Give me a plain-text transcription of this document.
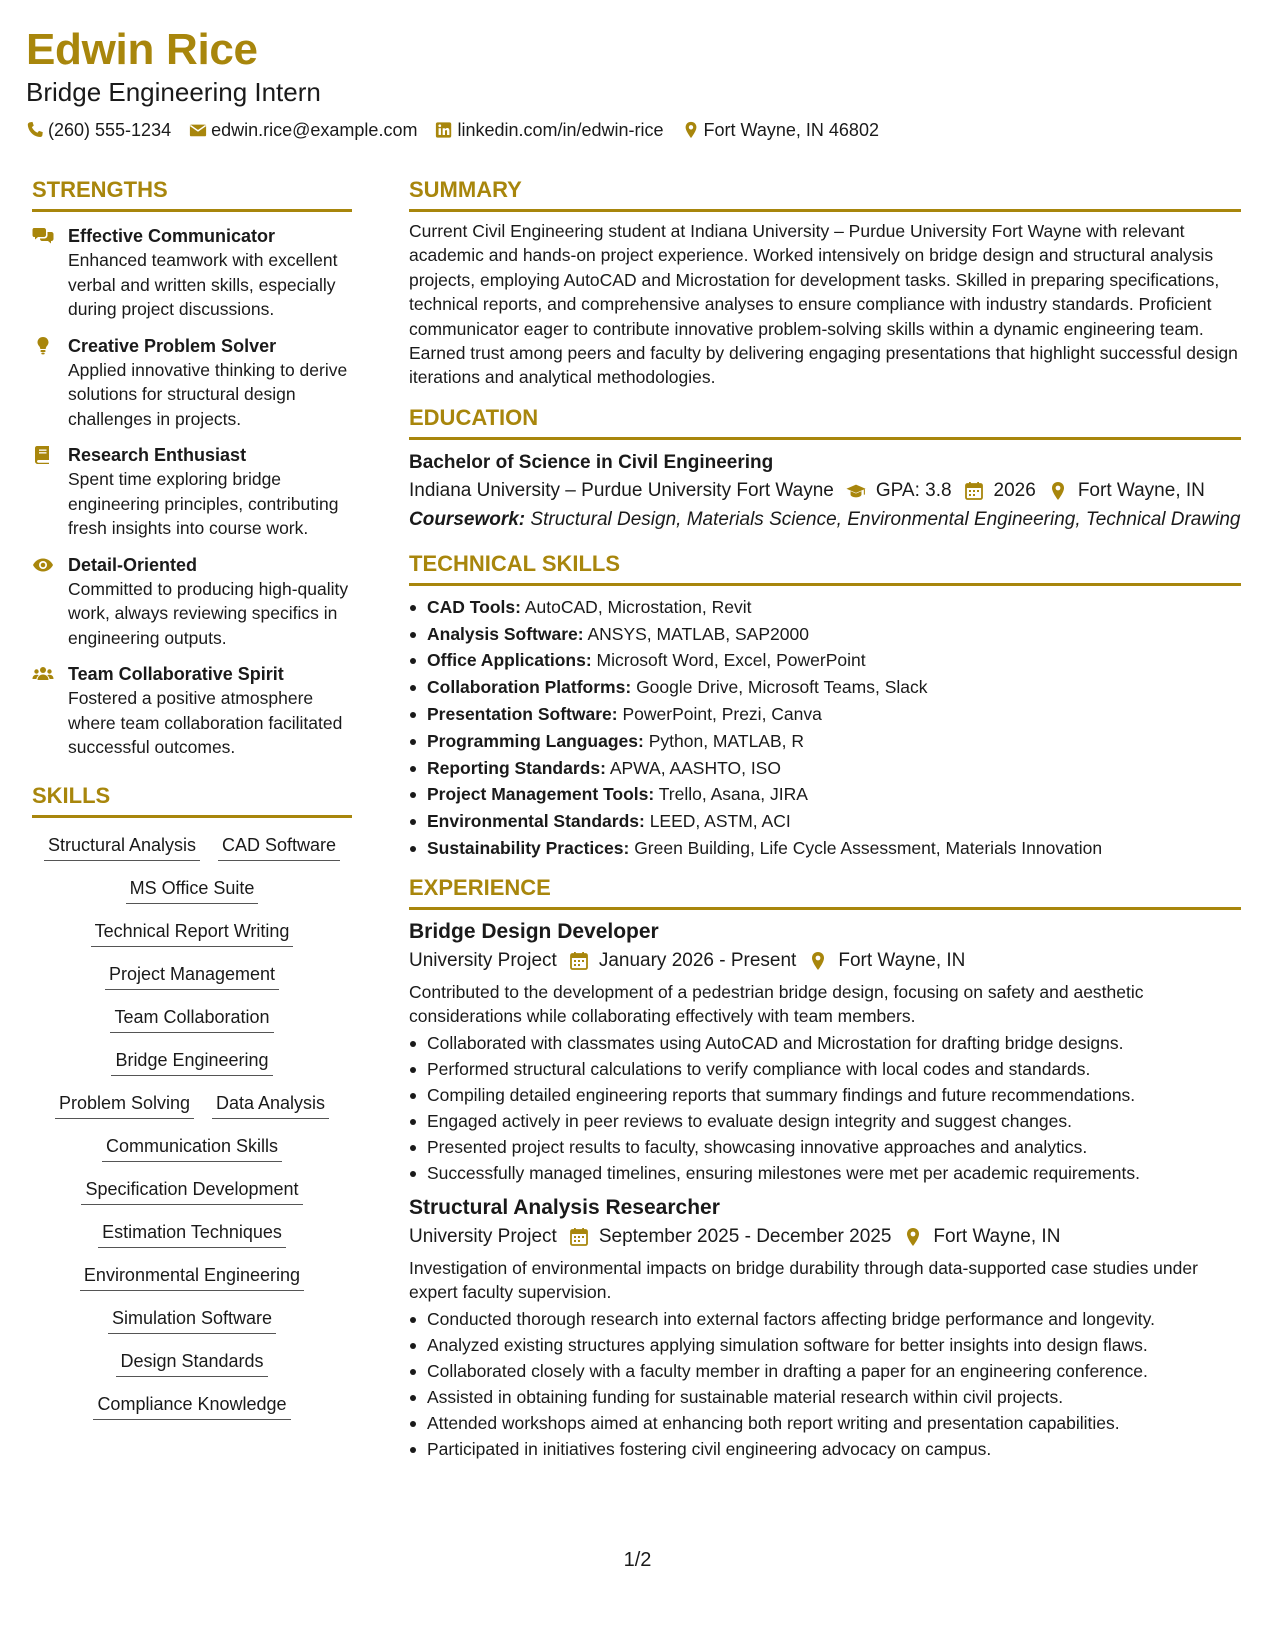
Edwin Rice
Bridge Engineering Intern
(260) 555-1234 edwin.rice@example.com linkedin.com/in/edwin-rice Fort Wayne, IN 46802
STRENGTHS
Effective Communicator
Enhanced teamwork with excellent verbal and written skills, especially during project discussions.
Creative Problem Solver
Applied innovative thinking to derive solutions for structural design challenges in projects.
Research Enthusiast
Spent time exploring bridge engineering principles, contributing fresh insights into course work.
Detail-Oriented
Committed to producing high-quality work, always reviewing specifics in engineering outputs.
Team Collaborative Spirit
Fostered a positive atmosphere where team collaboration facilitated successful outcomes.
SKILLS
Structural Analysis CAD Software
MS Office Suite
Technical Report Writing
Project Management
Team Collaboration
Bridge Engineering
Problem Solving Data Analysis
Communication Skills
Specification Development
Estimation Techniques
Environmental Engineering
Simulation Software
Design Standards
Compliance Knowledge
SUMMARY
Current Civil Engineering student at Indiana University – Purdue University Fort Wayne with relevant academic and hands-on project experience. Worked intensively on bridge design and structural analysis projects, employing AutoCAD and Microstation for development tasks. Skilled in preparing specifications, technical reports, and comprehensive analyses to ensure compliance with industry standards. Proficient communicator eager to contribute innovative problem-solving skills within a dynamic engineering team. Earned trust among peers and faculty by delivering engaging presentations that highlight successful design iterations and analytical methodologies.
EDUCATION
Bachelor of Science in Civil Engineering
Indiana University – Purdue University Fort Wayne GPA: 3.8 2026 Fort Wayne, IN
Coursework: Structural Design, Materials Science, Environmental Engineering, Technical Drawing
TECHNICAL SKILLS
CAD Tools: AutoCAD, Microstation, Revit
Analysis Software: ANSYS, MATLAB, SAP2000
Office Applications: Microsoft Word, Excel, PowerPoint
Collaboration Platforms: Google Drive, Microsoft Teams, Slack
Presentation Software: PowerPoint, Prezi, Canva
Programming Languages: Python, MATLAB, R
Reporting Standards: APWA, AASHTO, ISO
Project Management Tools: Trello, Asana, JIRA
Environmental Standards: LEED, ASTM, ACI
Sustainability Practices: Green Building, Life Cycle Assessment, Materials Innovation
EXPERIENCE
Bridge Design Developer
University Project January 2026 - Present Fort Wayne, IN
Contributed to the development of a pedestrian bridge design, focusing on safety and aesthetic considerations while collaborating effectively with team members.
Collaborated with classmates using AutoCAD and Microstation for drafting bridge designs.
Performed structural calculations to verify compliance with local codes and standards.
Compiling detailed engineering reports that summary findings and future recommendations.
Engaged actively in peer reviews to evaluate design integrity and suggest changes.
Presented project results to faculty, showcasing innovative approaches and analytics.
Successfully managed timelines, ensuring milestones were met per academic requirements.
Structural Analysis Researcher
University Project September 2025 - December 2025 Fort Wayne, IN
Investigation of environmental impacts on bridge durability through data-supported case studies under expert faculty supervision.
Conducted thorough research into external factors affecting bridge performance and longevity.
Analyzed existing structures applying simulation software for better insights into design flaws.
Collaborated closely with a faculty member in drafting a paper for an engineering conference.
Assisted in obtaining funding for sustainable material research within civil projects.
Attended workshops aimed at enhancing both report writing and presentation capabilities.
Participated in initiatives fostering civil engineering advocacy on campus.
1/2
